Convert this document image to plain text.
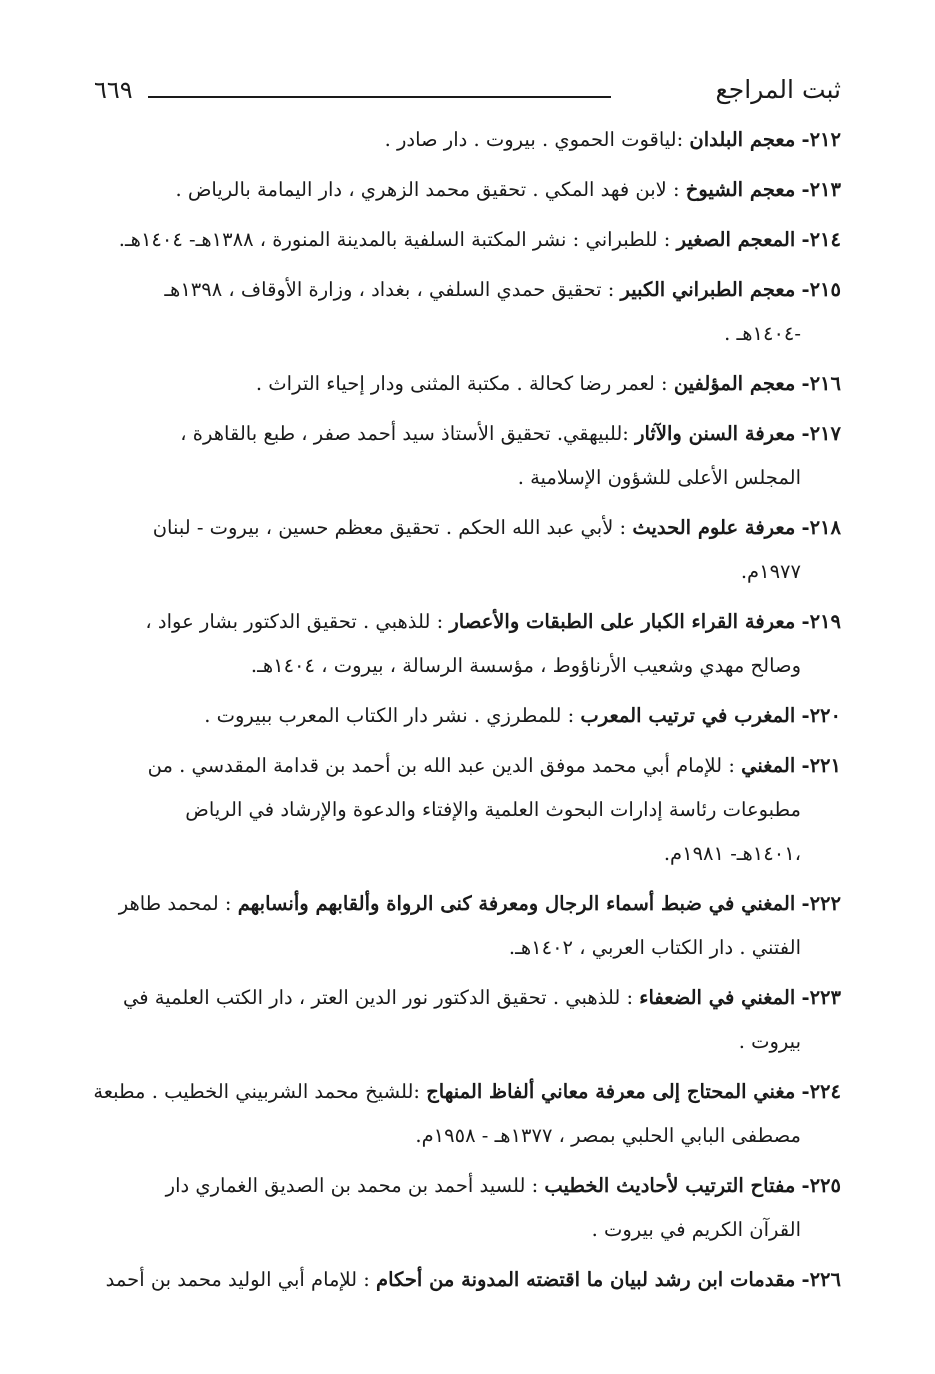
ثبت المراجع
٦٦٩
٢١٢- معجم البلدان :لياقوت الحموي . بيروت . دار صادر .
٢١٣- معجم الشيوخ : لابن فهد المكي . تحقيق محمد الزهري ، دار اليمامة بالرياض .
٢١٤- المعجم الصغير : للطبراني : نشر المكتبة السلفية بالمدينة المنورة ، ١٣٨٨هـ- ١٤٠٤هـ.
٢١٥- معجم الطبراني الكبير : تحقيق حمدي السلفي ، بغداد ، وزارة الأوقاف ، ١٣٩٨هـ
-١٤٠٤هـ .
٢١٦- معجم المؤلفين : لعمر رضا كحالة . مكتبة المثنى ودار إحياء التراث .
٢١٧- معرفة السنن والآثار :للبيهقي. تحقيق الأستاذ سيد أحمد صفر ، طبع بالقاهرة ،
المجلس الأعلى للشؤون الإسلامية .
٢١٨- معرفة علوم الحديث : لأبي عبد الله الحكم . تحقيق معظم حسين ، بيروت - لبنان
١٩٧٧م.
٢١٩- معرفة القراء الكبار على الطبقات والأعصار : للذهبي . تحقيق الدكتور بشار عواد ،
وصالح مهدي وشعيب الأرناؤوط ، مؤسسة الرسالة ، بيروت ، ١٤٠٤هـ.
٢٢٠- المغرب في ترتيب المعرب : للمطرزي . نشر دار الكتاب المعرب ببيروت .
٢٢١- المغني : للإمام أبي محمد موفق الدين عبد الله بن أحمد بن قدامة المقدسي . من
مطبوعات رئاسة إدارات البحوث العلمية والإفتاء والدعوة والإرشاد في الرياض
،١٤٠١هـ- ١٩٨١م.
٢٢٢- المغني في ضبط أسماء الرجال ومعرفة كنى الرواة وألقابهم وأنسابهم : لمحمد طاهر
الفتني . دار الكتاب العربي ، ١٤٠٢هـ.
٢٢٣- المغني في الضعفاء : للذهبي . تحقيق الدكتور نور الدين العتر ، دار الكتب العلمية في
بيروت .
٢٢٤- مغني المحتاج إلى معرفة معاني ألفاظ المنهاج :للشيخ محمد الشربيني الخطيب . مطبعة
مصطفى البابي الحلبي بمصر ، ١٣٧٧هـ - ١٩٥٨م.
٢٢٥- مفتاح الترتيب لأحاديث الخطيب : للسيد أحمد بن محمد بن الصديق الغماري دار
القرآن الكريم في بيروت .
٢٢٦- مقدمات ابن رشد لبيان ما اقتضته المدونة من أحكام : للإمام أبي الوليد محمد بن أحمد
